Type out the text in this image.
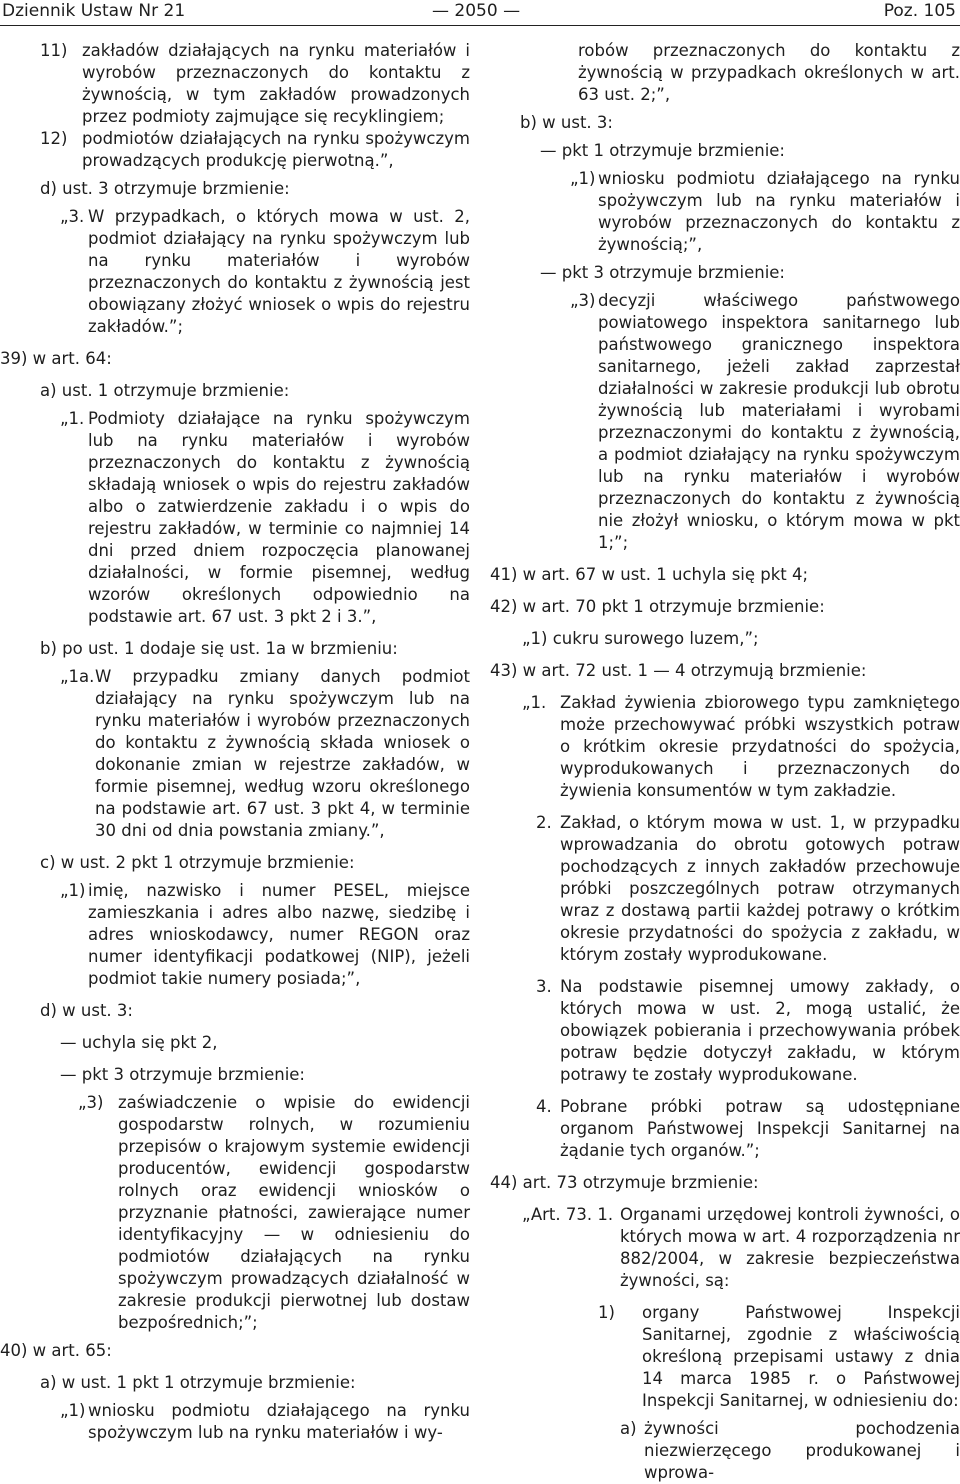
Dziennik Ustaw Nr 21	— 2050 —	Poz. 105
11) zakładów działających na rynku materiałów i wyrobów przeznaczonych do kontaktu z żywnością, w tym zakładów prowadzonych przez podmioty zajmujące się recyklingiem;

12) podmiotów działających na rynku spożywczym prowadzących produkcję pierwotną.”,

d) ust. 3 otrzymuje brzmienie:
„3. W przypadkach, o których mowa w ust. 2, podmiot działający na rynku spożywczym lub na rynku materiałów i wyrobów przeznaczonych do kontaktu z żywnością jest obowiązany złożyć wniosek o wpis do rejestru zakładów.”;

39) w art. 64:
a) ust. 1 otrzymuje brzmienie:
„1. Podmioty działające na rynku spożywczym lub na rynku materiałów i wyrobów przeznaczonych do kontaktu z żywnością składają wniosek o wpis do rejestru zakładów albo o zatwierdzenie zakładu i o wpis do rejestru zakładów, w terminie co najmniej 14 dni przed dniem rozpoczęcia planowanej działalności, w formie pisemnej, według wzorów określonych odpowiednio na podstawie art. 67 ust. 3 pkt 2 i 3.”,

b) po ust. 1 dodaje się ust. 1a w brzmieniu:
„1a. W przypadku zmiany danych podmiot działający na rynku spożywczym lub na rynku materiałów i wyrobów przeznaczonych do kontaktu z żywnością składa wniosek o dokonanie zmian w rejestrze zakładów, w formie pisemnej, według wzoru określonego na podstawie art. 67 ust. 3 pkt 4, w terminie 30 dni od dnia powstania zmiany.”,

c) w ust. 2 pkt 1 otrzymuje brzmienie:
„1) imię, nazwisko i numer PESEL, miejsce zamieszkania i adres albo nazwę, siedzibę i adres wnioskodawcy, numer REGON oraz numer identyfikacji podatkowej (NIP), jeżeli podmiot takie numery posiada;”,

d) w ust. 3:
— uchyla się pkt 2,
— pkt 3 otrzymuje brzmienie:
„3) zaświadczenie o wpisie do ewidencji gospodarstw rolnych, w rozumieniu przepisów o krajowym systemie ewidencji producentów, ewidencji gospodarstw rolnych oraz ewidencji wniosków o przyznanie płatności, zawierające numer identyfikacyjny — w odniesieniu do podmiotów działających na rynku spożywczym prowadzących działalność w zakresie produkcji pierwotnej lub dostaw bezpośrednich;”;

40) w art. 65:
a) w ust. 1 pkt 1 otrzymuje brzmienie:
„1) wniosku podmiotu działającego na rynku spożywczym lub na rynku materiałów i wy-

robów przeznaczonych do kontaktu z żywnością w przypadkach określonych w art. 63 ust. 2;”,
b) w ust. 3:
— pkt 1 otrzymuje brzmienie:
„1) wniosku podmiotu działającego na rynku spożywczym lub na rynku materiałów i wyrobów przeznaczonych do kontaktu z żywnością;”,

— pkt 3 otrzymuje brzmienie:
„3) decyzji właściwego państwowego powiatowego inspektora sanitarnego lub państwowego granicznego inspektora sanitarnego, jeżeli zakład zaprzestał działalności w zakresie produkcji lub obrotu żywnością lub materiałami i wyrobami przeznaczonymi do kontaktu z żywnością, a podmiot działający na rynku spożywczym lub na rynku materiałów i wyrobów przeznaczonych do kontaktu z żywnością nie złożył wniosku, o którym mowa w pkt 1;”;

41) w art. 67 w ust. 1 uchyla się pkt 4;
42) w art. 70 pkt 1 otrzymuje brzmienie:
„1) cukru surowego luzem,”;
43) w art. 72 ust. 1 — 4 otrzymują brzmienie:
„1. Zakład żywienia zbiorowego typu zamkniętego może przechowywać próbki wszystkich potraw o krótkim okresie przydatności do spożycia, wyprodukowanych i przeznaczonych do żywienia konsumentów w tym zakładzie.

2. Zakład, o którym mowa w ust. 1, w przypadku wprowadzania do obrotu gotowych potraw pochodzących z innych zakładów przechowuje próbki poszczególnych potraw otrzymanych wraz z dostawą partii każdej potrawy o krótkim okresie przydatności do spożycia z zakładu, w którym zostały wyprodukowane.

3. Na podstawie pisemnej umowy zakłady, o których mowa w ust. 2, mogą ustalić, że obowiązek pobierania i przechowywania próbek potraw będzie dotyczył zakładu, w którym potrawy te zostały wyprodukowane.

4. Pobrane próbki potraw są udostępniane organom Państwowej Inspekcji Sanitarnej na żądanie tych organów.”;

44) art. 73 otrzymuje brzmienie:
„Art. 73. 1. Organami urzędowej kontroli żywności, o których mowa w art. 4 rozporządzenia nr 882/2004, w zakresie bezpieczeństwa żywności, są:

1)	organy Państwowej Inspekcji Sanitarnej, zgodnie z właściwością określoną przepisami ustawy z dnia 14 marca 1985 r. o Państwowej Inspekcji Sanitarnej, w odniesieniu do:

a) żywności pochodzenia niezwierzęcego produkowanej i wprowa-
